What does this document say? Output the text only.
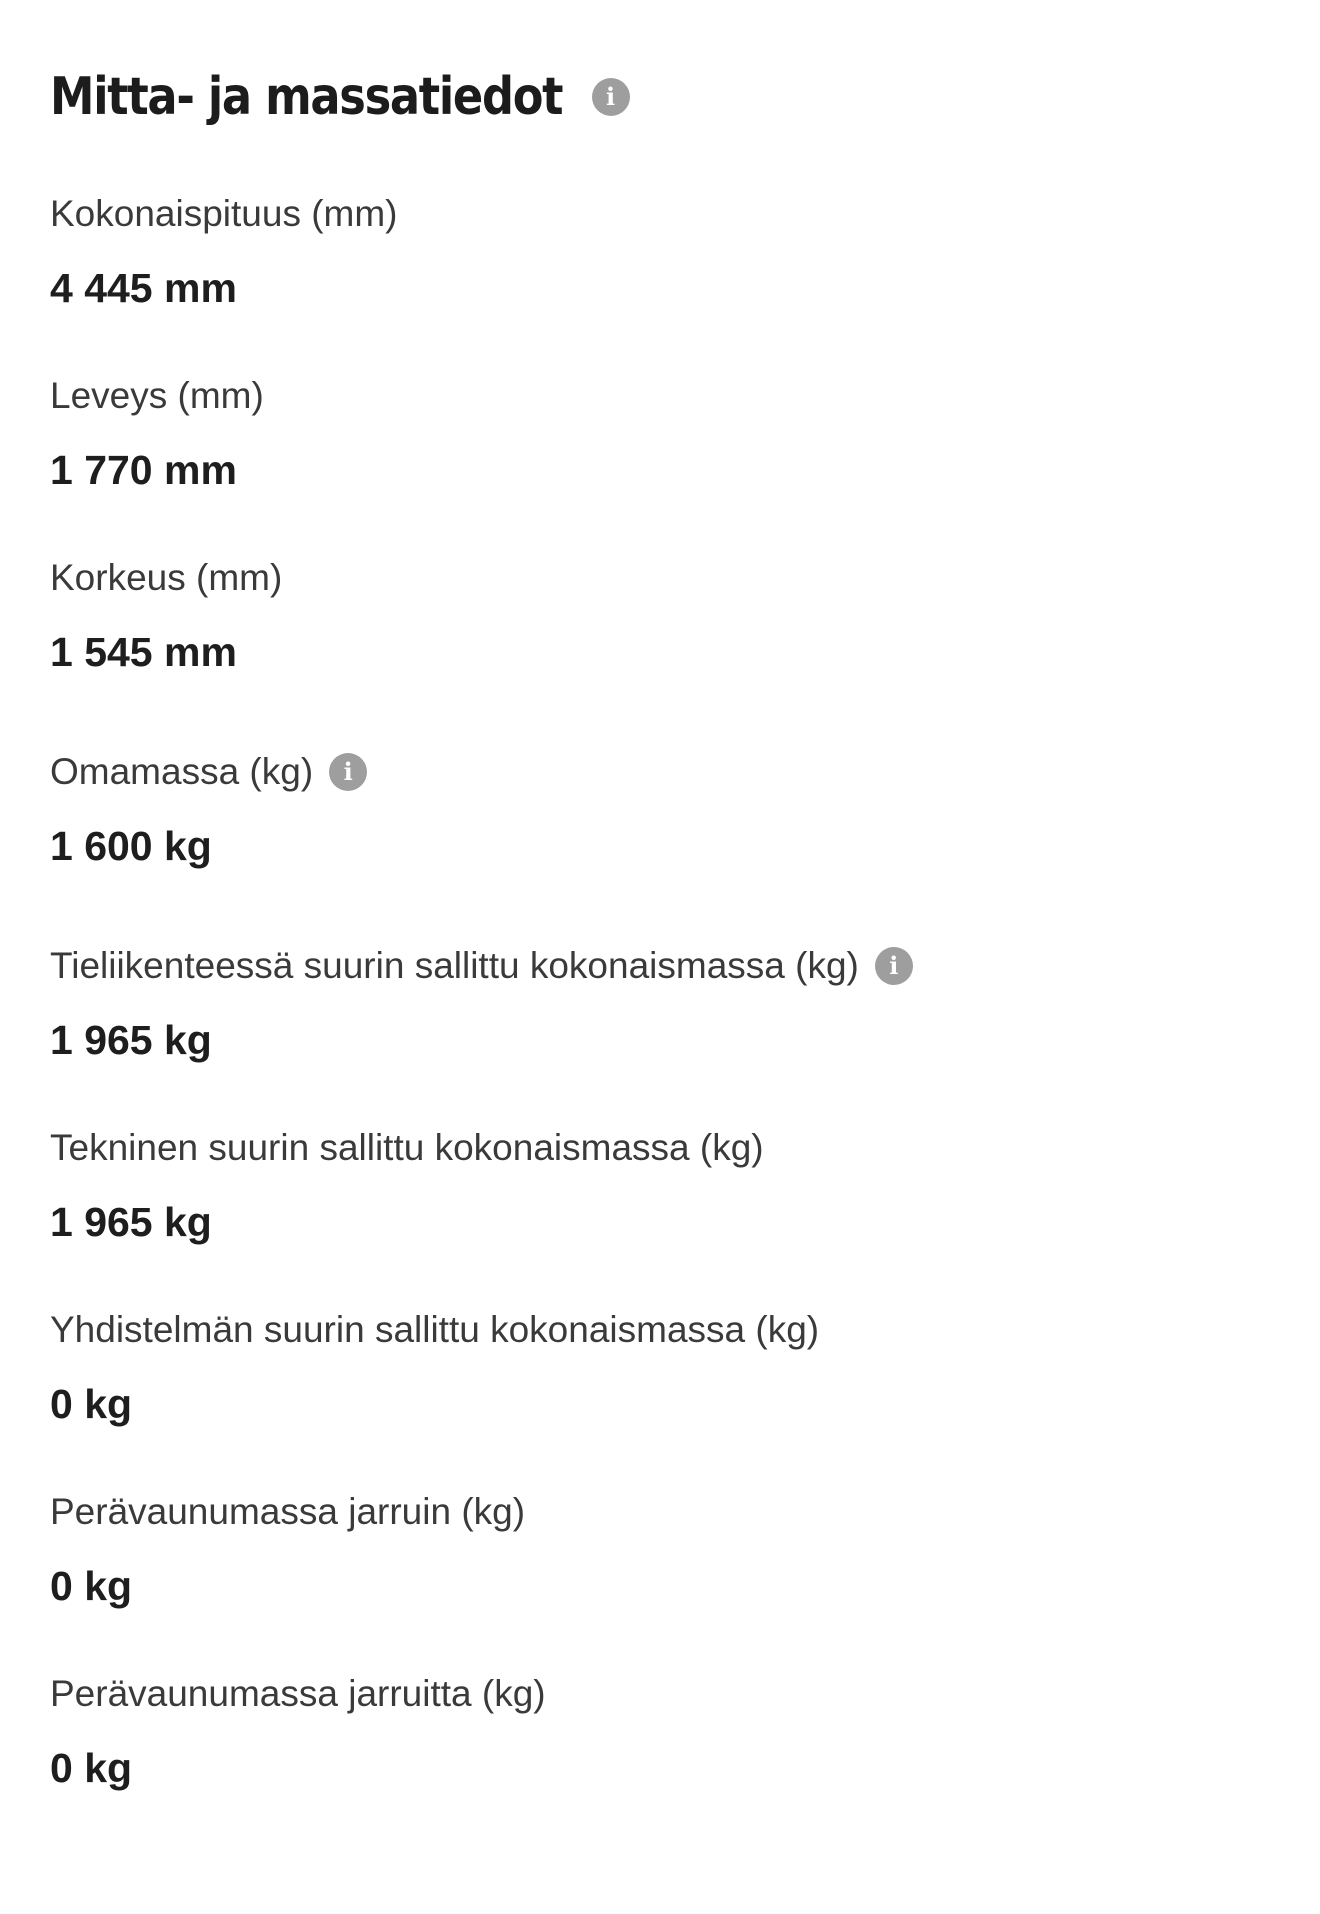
Mitta- ja massatiedot	i
Kokonaispituus (mm)
4 445 mm
Leveys (mm)
1 770 mm
Korkeus (mm)
1 545 mm
Omamassa (kg)	i
1 600 kg
Tieliikenteessä suurin sallittu kokonaismassa (kg)	i
1 965 kg
Tekninen suurin sallittu kokonaismassa (kg)
1 965 kg
Yhdistelmän suurin sallittu kokonaismassa (kg)
0 kg
Perävaunumassa jarruin (kg)
0 kg
Perävaunumassa jarruitta (kg)
0 kg
